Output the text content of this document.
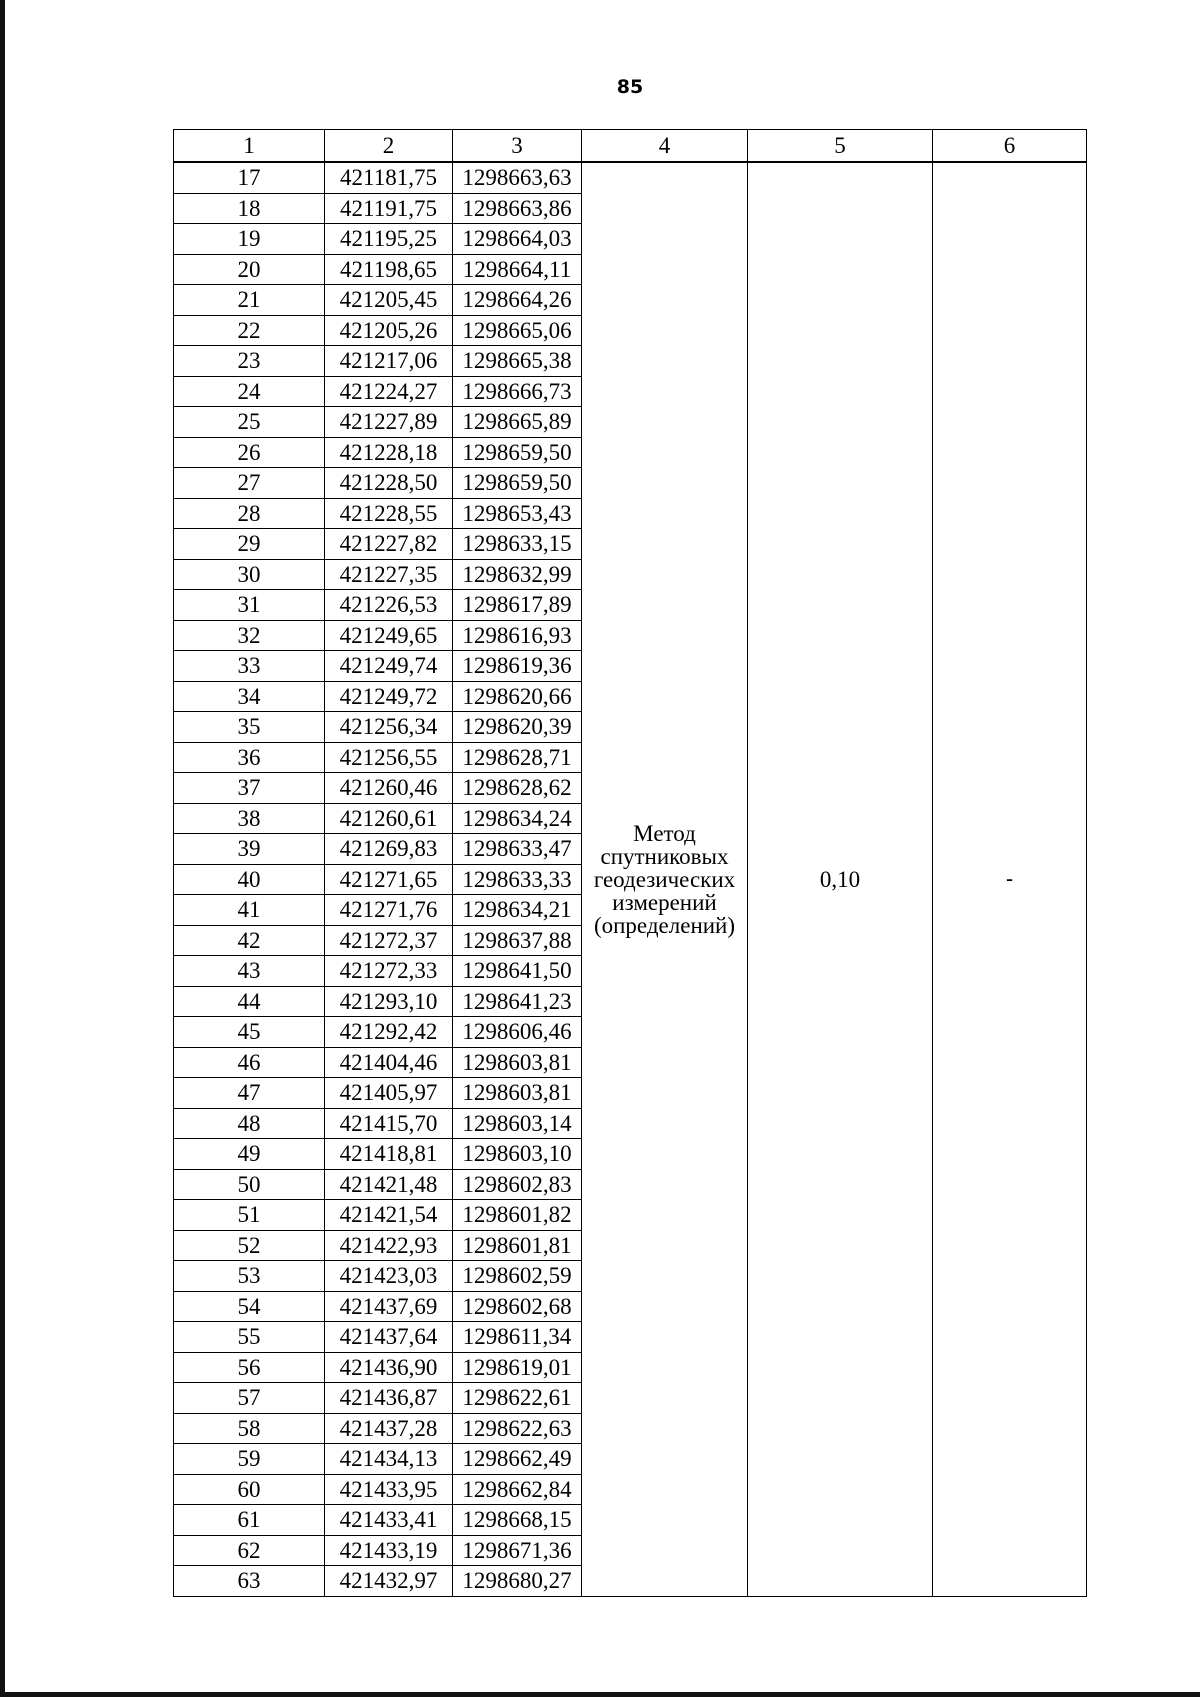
85
1	2	3	4	5	6
17	421181,75	1298663,63	Метод
спутниковых
геодезических
измерений
(определений)	0,10	-
18	421191,75	1298663,86			
19	421195,25	1298664,03			
20	421198,65	1298664,11			
21	421205,45	1298664,26			
22	421205,26	1298665,06			
23	421217,06	1298665,38			
24	421224,27	1298666,73			
25	421227,89	1298665,89			
26	421228,18	1298659,50			
27	421228,50	1298659,50			
28	421228,55	1298653,43			
29	421227,82	1298633,15			
30	421227,35	1298632,99			
31	421226,53	1298617,89			
32	421249,65	1298616,93			
33	421249,74	1298619,36			
34	421249,72	1298620,66			
35	421256,34	1298620,39			
36	421256,55	1298628,71			
37	421260,46	1298628,62			
38	421260,61	1298634,24			
39	421269,83	1298633,47			
40	421271,65	1298633,33			
41	421271,76	1298634,21			
42	421272,37	1298637,88			
43	421272,33	1298641,50			
44	421293,10	1298641,23			
45	421292,42	1298606,46			
46	421404,46	1298603,81			
47	421405,97	1298603,81			
48	421415,70	1298603,14			
49	421418,81	1298603,10			
50	421421,48	1298602,83			
51	421421,54	1298601,82			
52	421422,93	1298601,81			
53	421423,03	1298602,59			
54	421437,69	1298602,68			
55	421437,64	1298611,34			
56	421436,90	1298619,01			
57	421436,87	1298622,61			
58	421437,28	1298622,63			
59	421434,13	1298662,49			
60	421433,95	1298662,84			
61	421433,41	1298668,15			
62	421433,19	1298671,36			
63	421432,97	1298680,27			
